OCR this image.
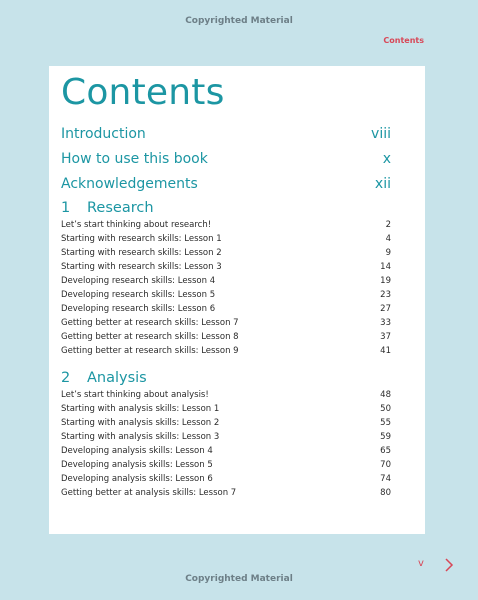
Copyrighted Material
Contents
Contents
Introduction	viii
How to use this book	x
Acknowledgements	xii
1	Research
Let’s start thinking about research!	2
Starting with research skills: Lesson 1	4
Starting with research skills: Lesson 2	9
Starting with research skills: Lesson 3	14
Developing research skills: Lesson 4	19
Developing research skills: Lesson 5	23
Developing research skills: Lesson 6	27
Getting better at research skills: Lesson 7	33
Getting better at research skills: Lesson 8	37
Getting better at research skills: Lesson 9	41
2	Analysis
Let’s start thinking about analysis!	48
Starting with analysis skills: Lesson 1	50
Starting with analysis skills: Lesson 2	55
Starting with analysis skills: Lesson 3	59
Developing analysis skills: Lesson 4	65
Developing analysis skills: Lesson 5	70
Developing analysis skills: Lesson 6	74
Getting better at analysis skills: Lesson 7	80
v
Copyrighted Material
